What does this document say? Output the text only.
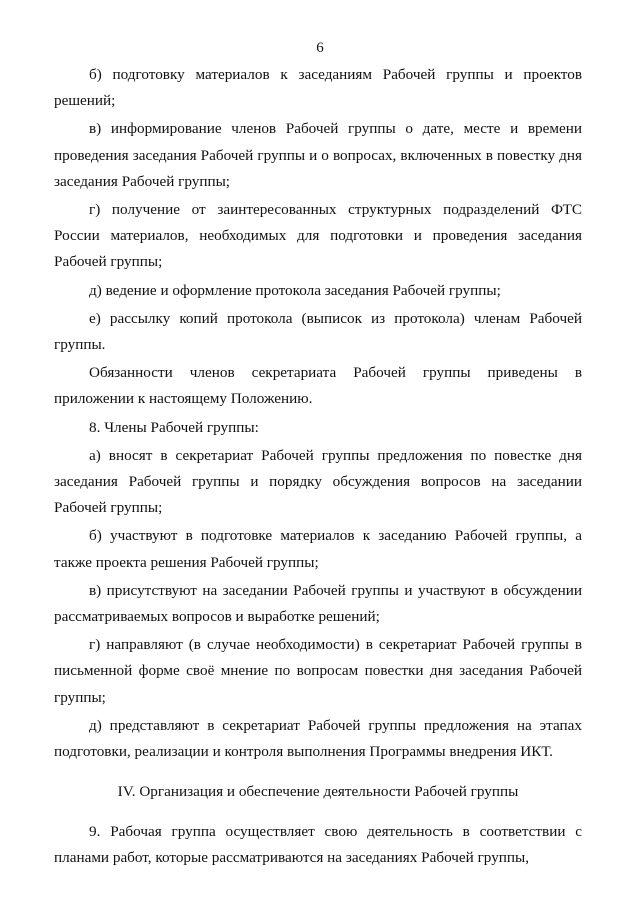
6

б) подготовку материалов к заседаниям Рабочей группы и проектов решений;

в) информирование членов Рабочей группы о дате, месте и времени проведения заседания Рабочей группы и о вопросах, включенных в повестку дня заседания Рабочей группы;

г) получение от заинтересованных структурных подразделений ФТС России материалов, необходимых для подготовки и проведения заседания Рабочей группы;

д) ведение и оформление протокола заседания Рабочей группы;

е) рассылку копий протокола (выписок из протокола) членам Рабочей группы.

Обязанности членов секретариата Рабочей группы приведены в приложении к настоящему Положению.

8. Члены Рабочей группы:

а) вносят в секретариат Рабочей группы предложения по повестке дня заседания Рабочей группы и порядку обсуждения вопросов на заседании Рабочей группы;

б) участвуют в подготовке материалов к заседанию Рабочей группы, а также проекта решения Рабочей группы;

в) присутствуют на заседании Рабочей группы и участвуют в обсуждении рассматриваемых вопросов и выработке решений;

г) направляют (в случае необходимости) в секретариат Рабочей группы в письменной форме своё мнение по вопросам повестки дня заседания Рабочей группы;

д) представляют в секретариат Рабочей группы предложения на этапах подготовки, реализации и контроля выполнения Программы внедрения ИКТ.

IV. Организация и обеспечение деятельности Рабочей группы

9. Рабочая группа осуществляет свою деятельность в соответствии с планами работ, которые рассматриваются на заседаниях Рабочей группы,
